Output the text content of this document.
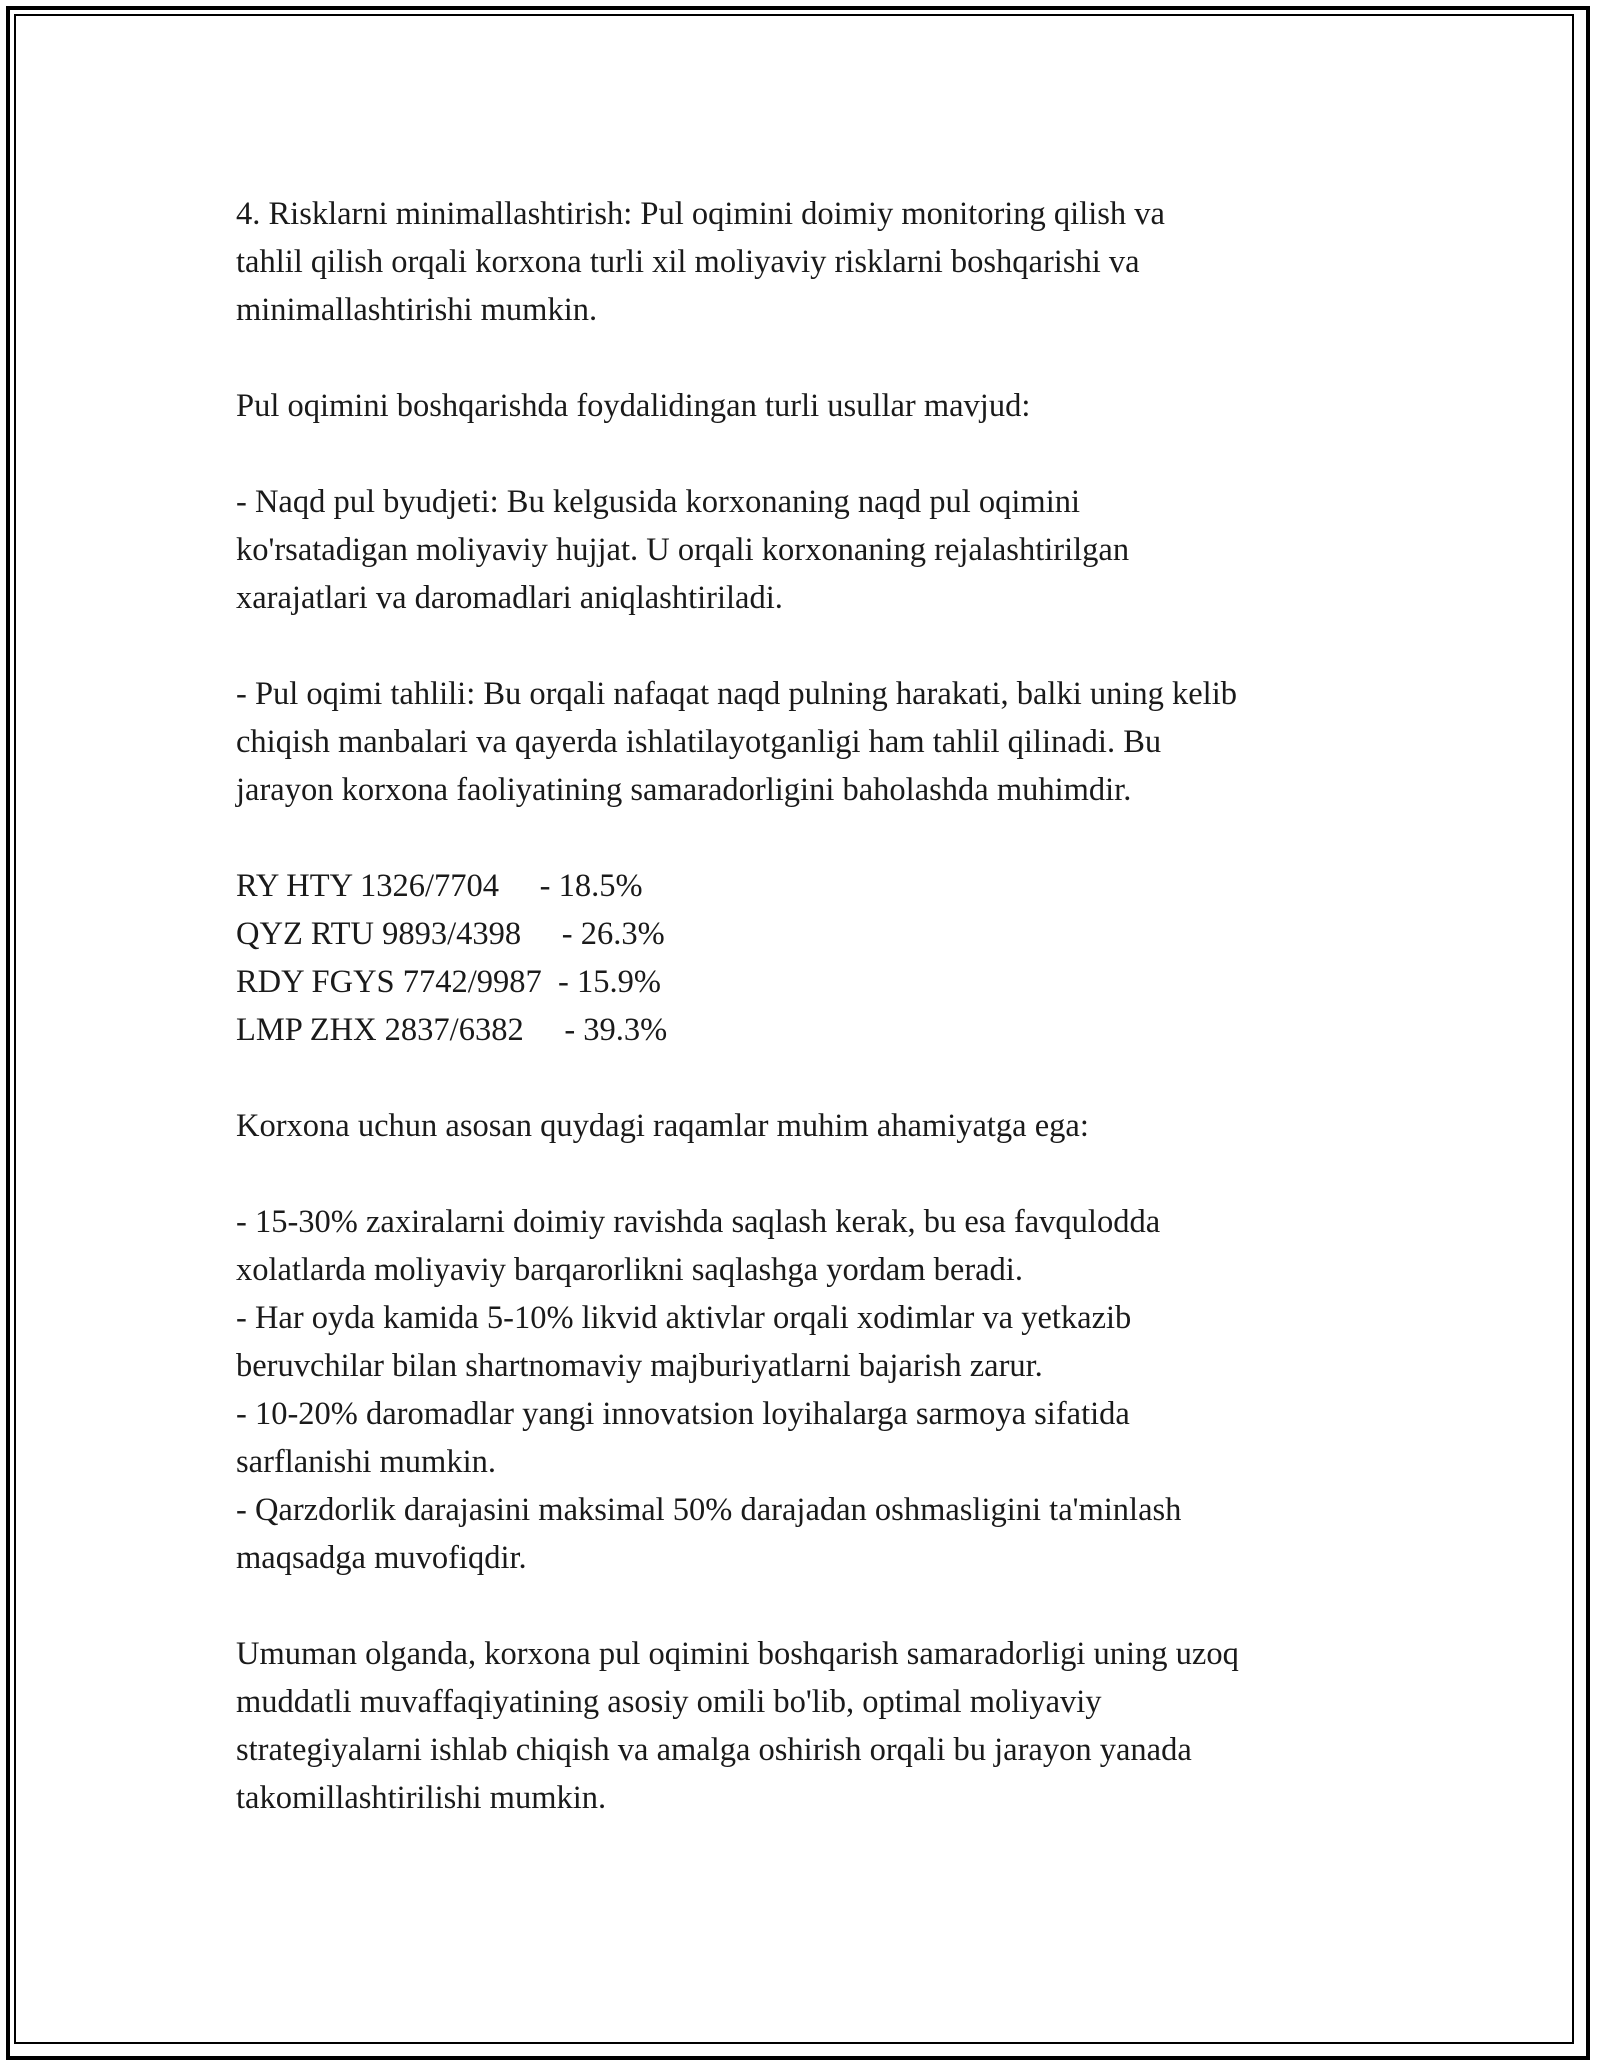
4. Risklarni minimallashtirish: Pul oqimini doimiy monitoring qilish va
tahlil qilish orqali korxona turli xil moliyaviy risklarni boshqarishi va
minimallashtirishi mumkin.
Pul oqimini boshqarishda foydalidingan turli usullar mavjud:
- Naqd pul byudjeti: Bu kelgusida korxonaning naqd pul oqimini
ko'rsatadigan moliyaviy hujjat. U orqali korxonaning rejalashtirilgan
xarajatlari va daromadlari aniqlashtiriladi.
- Pul oqimi tahlili: Bu orqali nafaqat naqd pulning harakati, balki uning kelib
chiqish manbalari va qayerda ishlatilayotganligi ham tahlil qilinadi. Bu
jarayon korxona faoliyatining samaradorligini baholashda muhimdir.
RY HTY 1326/7704 - 18.5%
QYZ RTU 9893/4398 - 26.3%
RDY FGYS 7742/9987 - 15.9%
LMP ZHX 2837/6382 - 39.3%
Korxona uchun asosan quydagi raqamlar muhim ahamiyatga ega:
- 15-30% zaxiralarni doimiy ravishda saqlash kerak, bu esa favqulodda
xolatlarda moliyaviy barqarorlikni saqlashga yordam beradi.
- Har oyda kamida 5-10% likvid aktivlar orqali xodimlar va yetkazib
beruvchilar bilan shartnomaviy majburiyatlarni bajarish zarur.
- 10-20% daromadlar yangi innovatsion loyihalarga sarmoya sifatida
sarflanishi mumkin.
- Qarzdorlik darajasini maksimal 50% darajadan oshmasligini ta'minlash
maqsadga muvofiqdir.
Umuman olganda, korxona pul oqimini boshqarish samaradorligi uning uzoq
muddatli muvaffaqiyatining asosiy omili bo'lib, optimal moliyaviy
strategiyalarni ishlab chiqish va amalga oshirish orqali bu jarayon yanada
takomillashtirilishi mumkin.
